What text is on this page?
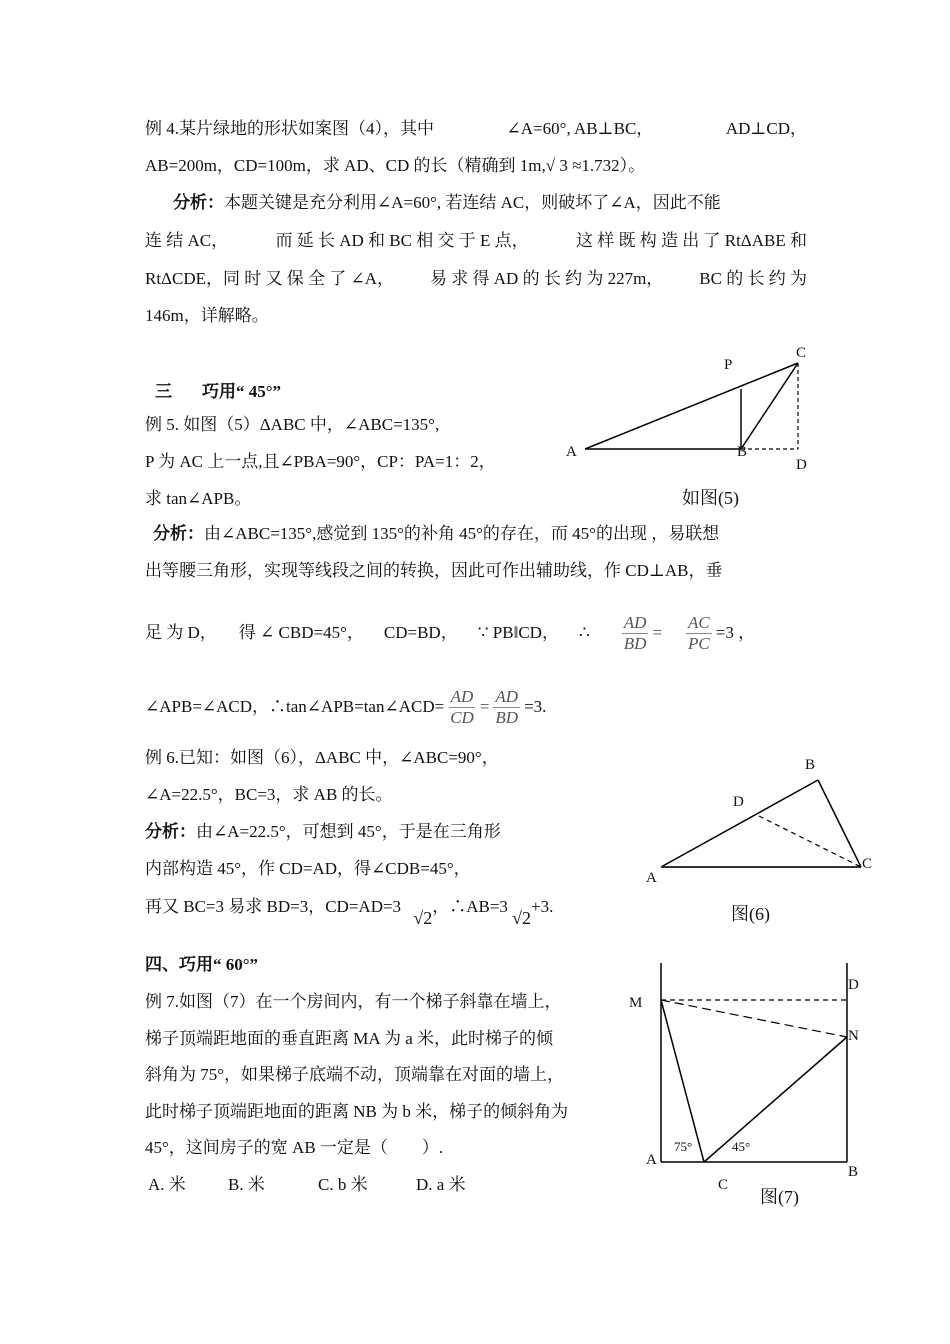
例 4.某片绿地的形状如案图（4），其中	∠A=60°, AB⊥BC，	AD⊥CD，
AB=200m，CD=100m，求 AD、CD 的长（精确到 1m,√ 3 ≈1.732）。
分析：本题关键是充分利用∠A=60°, 若连结 AC，则破坏了∠A，因此不能
连 结 AC，	而 延 长 AD 和 BC 相 交 于 E 点，	这 样 既 构 造 出 了 RtΔABE 和
RtΔCDE，同 时 又 保 全 了 ∠A， 易 求 得 AD 的 长 约 为 227m， BC 的 长 约 为
146m，详解略。
三 巧用“ 45°”
例 5. 如图（5）ΔABC 中，∠ABC=135°,
P 为 AC 上一点,且∠PBA=90°，CP：PA=1：2，
求 tan∠APB。
A	B
C
D
P
如图(5)
分析：由∠ABC=135°,感觉到 135°的补角 45°的存在，而 45°的出现 ，易联想
出等腰三角形，实现等线段之间的转换，因此可作出辅助线，作 CD⊥AB，垂
足 为 D， 得 ∠ CBD=45°， CD=BD， ∵ PB‖CD， ∴ $\frac{AD}{BD} = \frac{AC}{PC} =3$ ，
∠APB=∠ACD，∴tan∠APB=tan∠ACD= $\frac{AD}{CD} = \frac{AD}{BD} =3$.
例 6.已知：如图（6），ΔABC 中，∠ABC=90°，
∠A=22.5°，BC=3，求 AB 的长。
分析：由∠A=22.5°，可想到 45°，于是在三角形
内部构造 45°，作 CD=AD，得∠CDB=45°，
再又 BC=3 易求 BD=3，CD=AD=3 √2，∴AB=3 √2+3.
A
B
C
D
图(6)
四、巧用“ 60°”
例 7.如图（7）在一个房间内，有一个梯子斜靠在墙上，
梯子顶端距地面的垂直距离 MA 为 a 米，此时梯子的倾
斜角为 75°，如果梯子底端不动，顶端靠在对面的墙上，
此时梯子顶端距地面的距离 NB 为 b 米，梯子的倾斜角为
45°，这间房子的宽 AB 一定是（　　）.
A. 米 B. 米	C. b 米	D. a 米
M
D
N
A
B
C
75°	45°
图(7)
